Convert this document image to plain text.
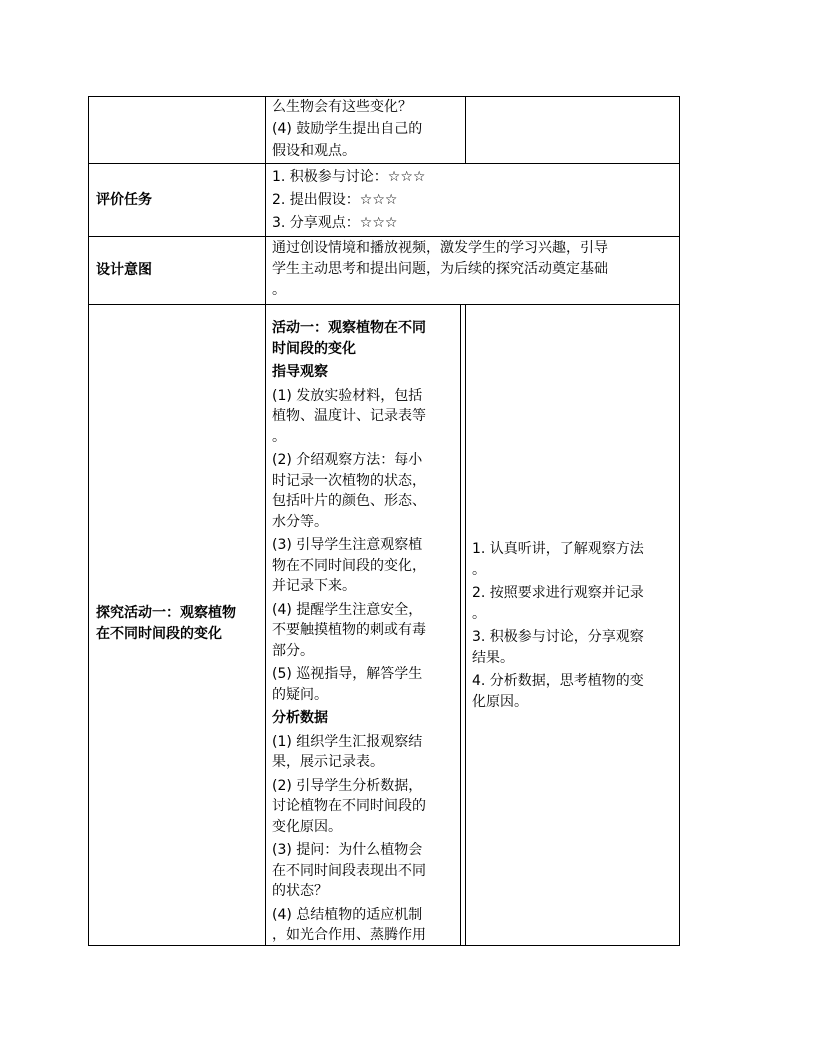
么生物会有这些变化？

(4) 鼓励学生提出自己的

假设和观点。

评价任务

1. 积极参与讨论：☆☆☆

2. 提出假设：☆☆☆

3. 分享观点：☆☆☆

设计意图

通过创设情境和播放视频，激发学生的学习兴趣，引导

学生主动思考和提出问题，为后续的探究活动奠定基础

。

探究活动一：观察植物

在不同时间段的变化

活动一：观察植物在不同

时间段的变化

指导观察

(1) 发放实验材料，包括
植物、温度计、记录表等
。
(2) 介绍观察方法：每小
时记录一次植物的状态，
包括叶片的颜色、形态、
水分等。
(3) 引导学生注意观察植
物在不同时间段的变化，
并记录下来。
(4) 提醒学生注意安全，
不要触摸植物的刺或有毒
部分。
(5) 巡视指导，解答学生
的疑问。

分析数据

(1) 组织学生汇报观察结
果，展示记录表。
(2) 引导学生分析数据，
讨论植物在不同时间段的
变化原因。
(3) 提问：为什么植物会
在不同时间段表现出不同
的状态？
(4) 总结植物的适应机制
，如光合作用、蒸腾作用
1. 认真听讲，了解观察方法
。
2. 按照要求进行观察并记录
。
3. 积极参与讨论，分享观察
结果。
4. 分析数据，思考植物的变
化原因。
